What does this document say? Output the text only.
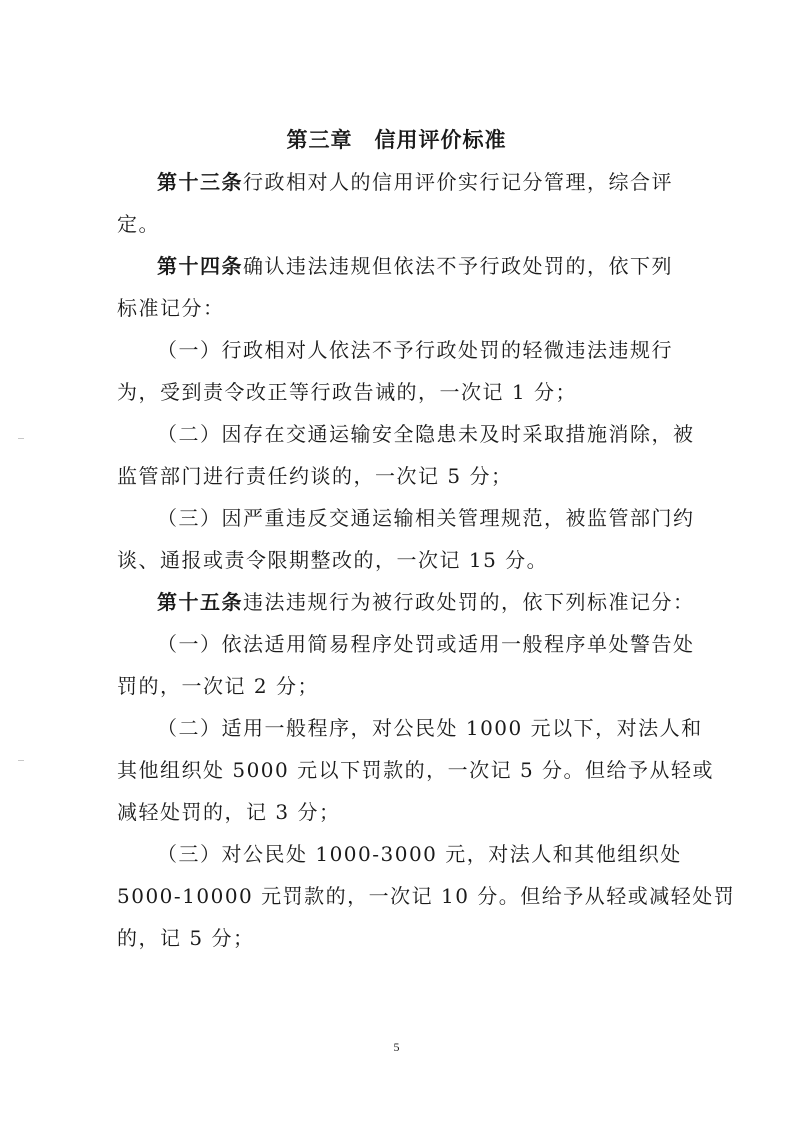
第三章　信用评价标准
第十三条行政相对人的信用评价实行记分管理，综合评
定。
第十四条确认违法违规但依法不予行政处罚的，依下列
标准记分：
（一）行政相对人依法不予行政处罚的轻微违法违规行
为，受到责令改正等行政告诫的，一次记 1 分；
（二）因存在交通运输安全隐患未及时采取措施消除，被
监管部门进行责任约谈的，一次记 5 分；
（三）因严重违反交通运输相关管理规范，被监管部门约
谈、通报或责令限期整改的，一次记 15 分。
第十五条违法违规行为被行政处罚的，依下列标准记分：
（一）依法适用简易程序处罚或适用一般程序单处警告处
罚的，一次记 2 分；
（二）适用一般程序，对公民处 1000 元以下，对法人和
其他组织处 5000 元以下罚款的，一次记 5 分。但给予从轻或
减轻处罚的，记 3 分；
（三）对公民处 1000-3000 元，对法人和其他组织处
5000-10000 元罚款的，一次记 10 分。但给予从轻或减轻处罚
的，记 5 分；
5
